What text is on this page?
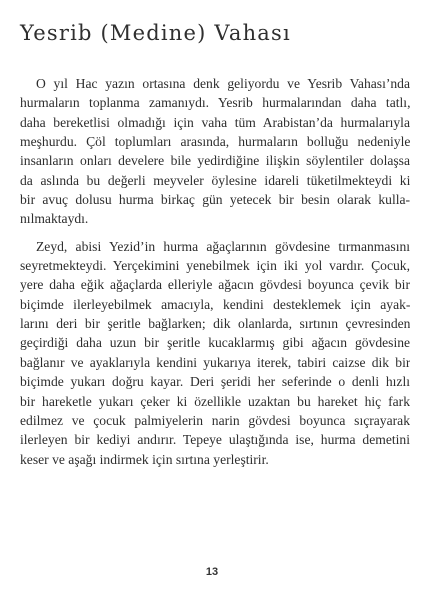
Yesrib (Medine) Vahası

O yıl Hac yazın ortasına denk geliyordu ve Yesrib Vahası’nda
hurmaların toplanma zamanıydı. Yesrib hurmalarından daha tatlı,
daha bereketlisi olmadığı için vaha tüm Arabistan’da hurmalarıyla
meşhurdu. Çöl toplumları arasında, hurmaların bolluğu nedeniyle
insanların onları develere bile yedirdiğine ilişkin söylentiler dolaşsa
da aslında bu değerli meyveler öylesine idareli tüketilmekteydi ki
bir avuç dolusu hurma birkaç gün yetecek bir besin olarak kulla-
nılmaktaydı.

Zeyd, abisi Yezid’in hurma ağaçlarının gövdesine tırmanmasını
seyretmekteydi. Yerçekimini yenebilmek için iki yol vardır. Çocuk,
yere daha eğik ağaçlarda elleriyle ağacın gövdesi boyunca çevik bir
biçimde ilerleyebilmek amacıyla, kendini desteklemek için ayak-
larını deri bir şeritle bağlarken; dik olanlarda, sırtının çevresinden
geçirdiği daha uzun bir şeritle kucaklarmış gibi ağacın gövdesine
bağlanır ve ayaklarıyla kendini yukarıya iterek, tabiri caizse dik bir
biçimde yukarı doğru kayar. Deri şeridi her seferinde o denli hızlı
bir hareketle yukarı çeker ki özellikle uzaktan bu hareket hiç fark
edilmez ve çocuk palmiyelerin narin gövdesi boyunca sıçrayarak
ilerleyen bir kediyi andırır. Tepeye ulaştığında ise, hurma demetini
keser ve aşağı indirmek için sırtına yerleştirir.

13
